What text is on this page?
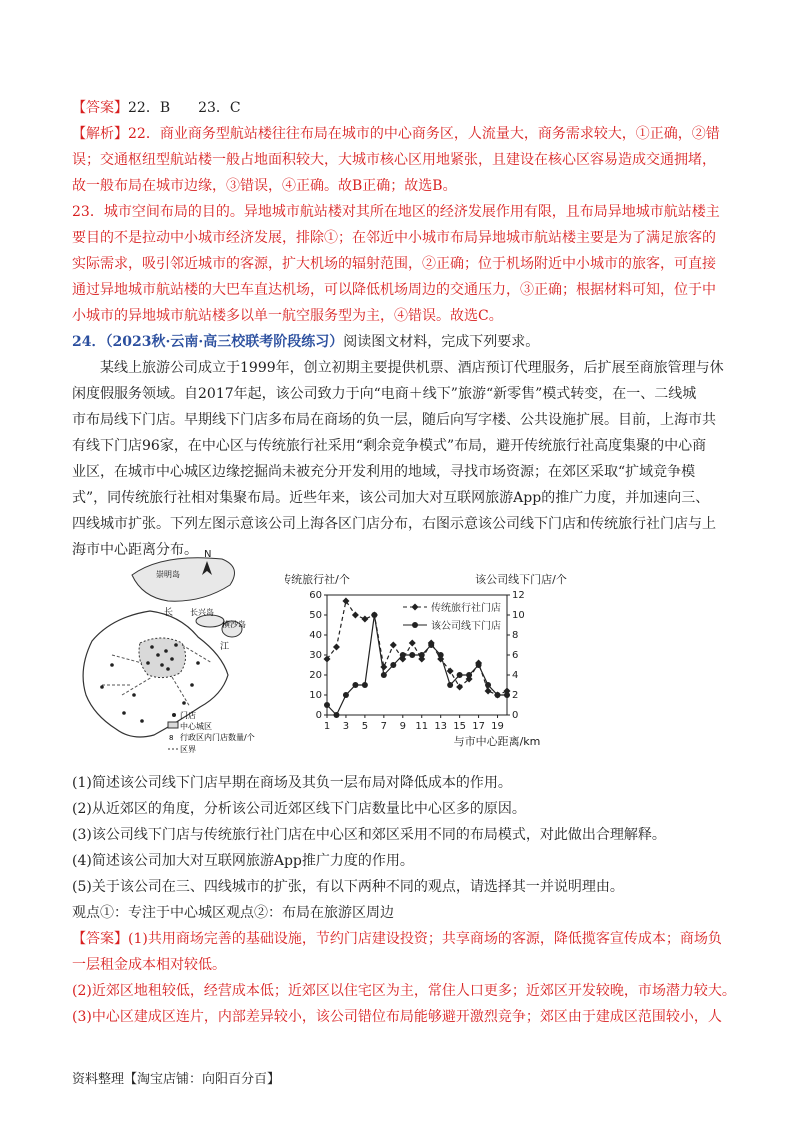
【答案】22．B　　23．C
【解析】22．商业商务型航站楼往往布局在城市的中心商务区，人流量大，商务需求较大，①正确，②错
误；交通枢纽型航站楼一般占地面积较大，大城市核心区用地紧张，且建设在核心区容易造成交通拥堵，
故一般布局在城市边缘，③错误，④正确。故B正确；故选B。
23．城市空间布局的目的。异地城市航站楼对其所在地区的经济发展作用有限，且布局异地城市航站楼主
要目的不是拉动中小城市经济发展，排除①；在邻近中小城市布局异地城市航站楼主要是为了满足旅客的
实际需求，吸引邻近城市的客源，扩大机场的辐射范围，②正确；位于机场附近中小城市的旅客，可直接
通过异地城市航站楼的大巴车直达机场，可以降低机场周边的交通压力，③正确；根据材料可知，位于中
小城市的异地城市航站楼多以单一航空服务型为主，④错误。故选C。
24．（2023秋·云南·高三校联考阶段练习）阅读图文材料，完成下列要求。
某线上旅游公司成立于1999年，创立初期主要提供机票、酒店预订代理服务，后扩展至商旅管理与休
闲度假服务领域。自2017年起，该公司致力于向“电商＋线下”旅游“新零售”模式转变，在一、二线城
市布局线下门店。早期线下门店多布局在商场的负一层，随后向写字楼、公共设施扩展。目前，上海市共
有线下门店96家，在中心区与传统旅行社采用“剩余竞争模式”布局，避开传统旅行社高度集聚的中心商
业区，在城市中心城区边缘挖掘尚未被充分开发利用的地域，寻找市场资源；在郊区采取“扩域竞争模
式”，同传统旅行社相对集聚布局。近些年来，该公司加大对互联网旅游App的推广力度，并加速向三、
四线城市扩张。下列左图示意该公司上海各区门店分布，右图示意该公司线下门店和传统旅行社门店与上
海市中心距离分布。 N
崇明岛
长 长兴岛
横沙岛
江
门店
中心城区
8 行政区内门店数量/个
区界
0
10
20
30
40
50
60
0
2
4
6
8
10
12
1 3 5 7 9 11 13 15 17 19
传统旅行社/个	该公司线下门店/个
与市中心距离/km
传统旅行社门店
该公司线下门店
(1)简述该公司线下门店早期在商场及其负一层布局对降低成本的作用。
(2)从近郊区的角度，分析该公司近郊区线下门店数量比中心区多的原因。
(3)该公司线下门店与传统旅行社门店在中心区和郊区采用不同的布局模式，对此做出合理解释。
(4)简述该公司加大对互联网旅游App推广力度的作用。
(5)关于该公司在三、四线城市的扩张，有以下两种不同的观点，请选择其一并说明理由。
观点①：专注于中心城区观点②：布局在旅游区周边
【答案】(1)共用商场完善的基础设施，节约门店建设投资；共享商场的客源，降低揽客宣传成本；商场负
一层租金成本相对较低。
(2)近郊区地租较低，经营成本低；近郊区以住宅区为主，常住人口更多；近郊区开发较晚，市场潜力较大。
(3)中心区建成区连片，内部差异较小，该公司错位布局能够避开激烈竞争；郊区由于建成区范围较小，人
资料整理【淘宝店铺：向阳百分百】
